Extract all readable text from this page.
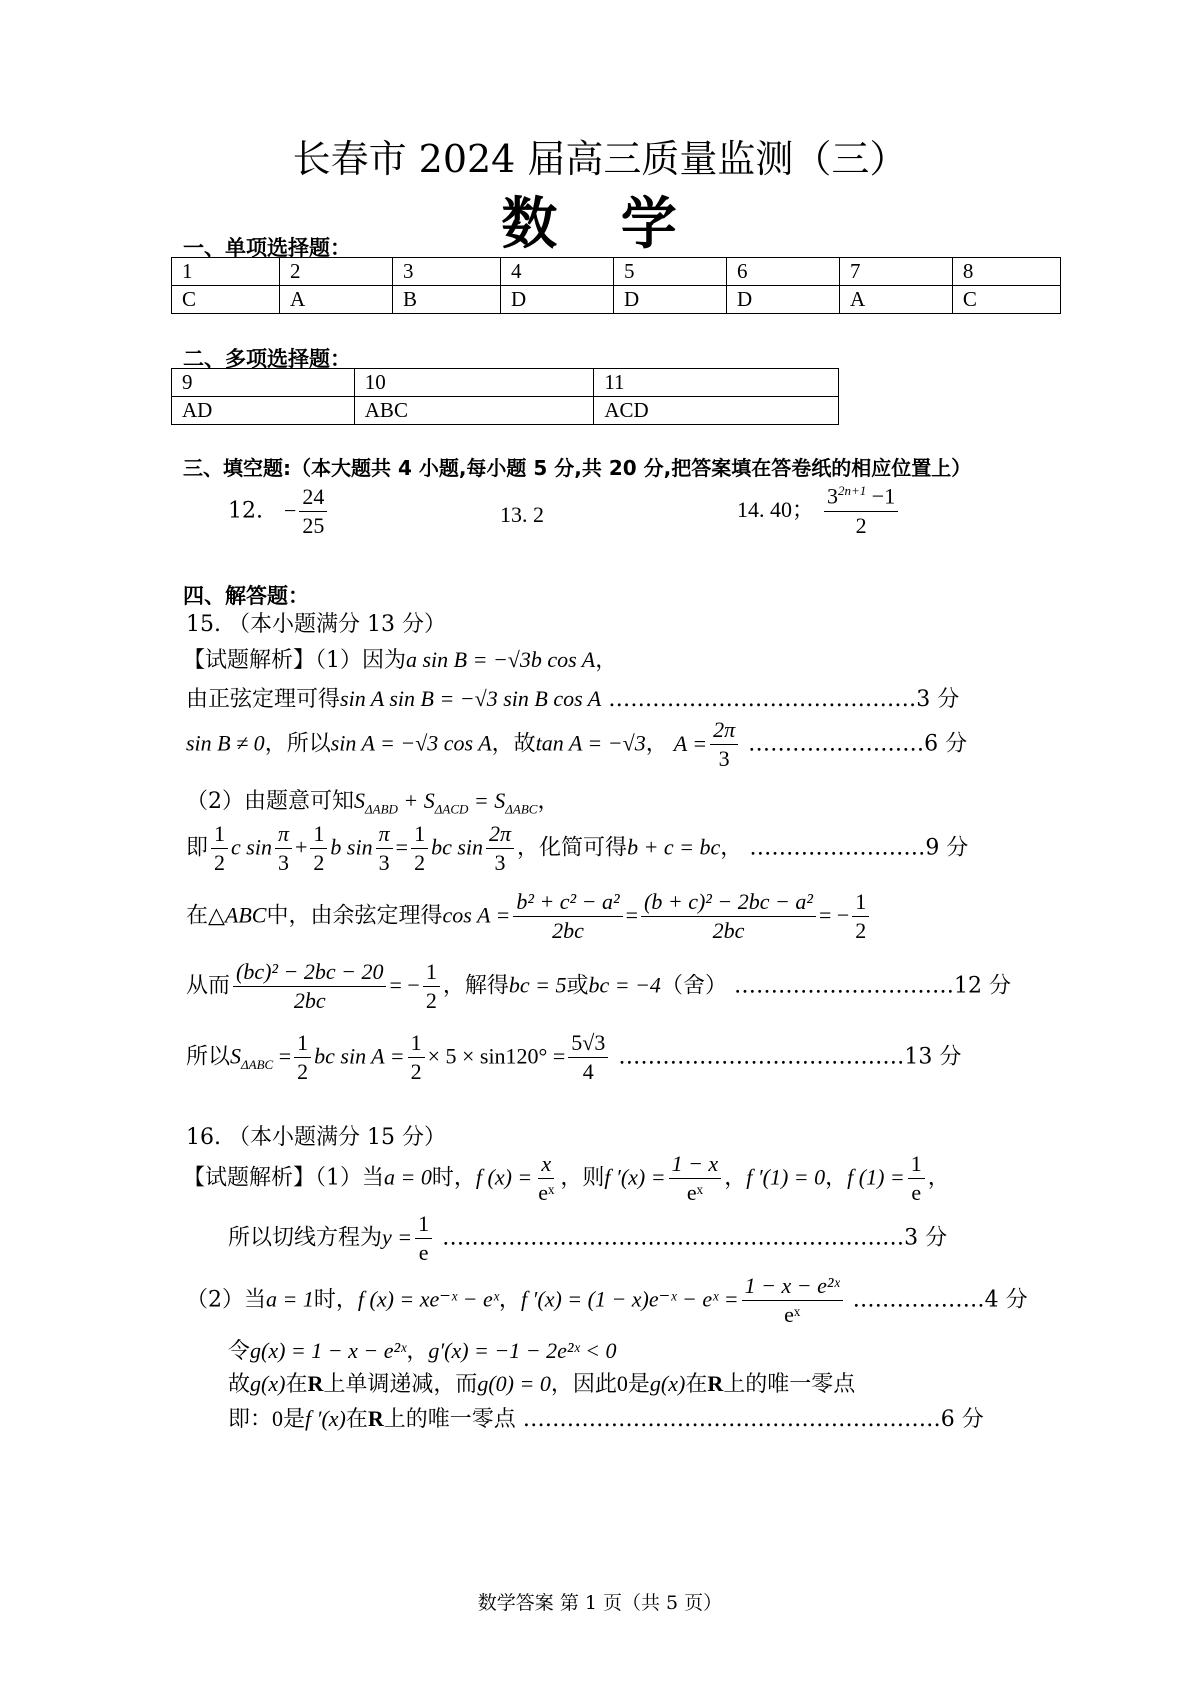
长春市 2024 届高三质量监测（三）
数 学
一、单项选择题：
1	2	3	4	5	6	7	8
C	A	B	D	D	D	A	C
二、多项选择题：
9	10	11
AD	ABC	ACD
三、填空题:（本大题共 4 小题,每小题 5 分,共 20 分,把答案填在答卷纸的相应位置上）
12. − $\frac{24}{25}$	13. 2	14. 40； $\frac{3^{2n+1} -1}{2}$
四、解答题：
15. （本小题满分 13 分）
【试题解析】（1）因为a sin B = −√3b cos A，
由正弦定理可得sin A sin B = −√3 sin B cos A ……………………………………3 分
sin B ≠ 0，所以sin A = −√3 cos A，故tan A = −√3， $A = \frac{2\pi}{3}$ ……………………6 分
（2）由题意可知$S_{\Delta ABD} + S_{\Delta ACD} = S_{\Delta ABC}$，
即 $\frac{1}{2}$ c $\sin \frac{\pi}{3} + \frac{1}{2}$ b $\sin \frac{\pi}{3} = \frac{1}{2}$ bc $\sin \frac{2\pi}{3}$ ，化简可得b + c = bc， ……………………9 分
在△ABC中，由余弦定理得$\cos A = \frac{\text{b² + c² − a²}}{2bc} = \frac{\text{(b + c)² − 2bc − a²}}{2bc}$ = − $\frac{1}{2}$
从而 $\frac{\text{(bc)² − 2bc − 20}}{2bc}$ = − $\frac{1}{2}$ ，解得bc = 5或bc = −4（舍） …………………………12 分
所以$S_{\Delta ABC} = \frac{1}{2}$ bc $\sin A = \frac{1}{2} \times 5 \times \sin 120^\circ = \frac{5√3}{4}$ …………………………………13 分
16. （本小题满分 15 分）
【试题解析】（1）当a = 0时，f $(x) = \frac{x}{\text{eˣ}}$ ，则f $'(x) = \frac{1 - x}{\text{eˣ}}$ ，f ′(1) = 0，f $(1) = \frac{1}{e}$ ，
所以切线方程为$y = \frac{1}{e}$ ………………………………………………………3 分
（2）当a = 1时，f (x) = xe⁻ˣ − eˣ，f ′(x) = (1 − x)e⁻ˣ − eˣ = $\frac{\text{1 − x − e²ˣ}}{\text{eˣ}}$ ………………4 分
令g(x) = 1 − x − e²ˣ，g′(x) = −1 − 2e²ˣ < 0
故g(x)在R上单调递减，而g(0) = 0，因此0是g(x)在R上的唯一零点
即：0是f ′(x)在R上的唯一零点 …………………………………………………6 分
数学答案 第 1 页（共 5 页）
